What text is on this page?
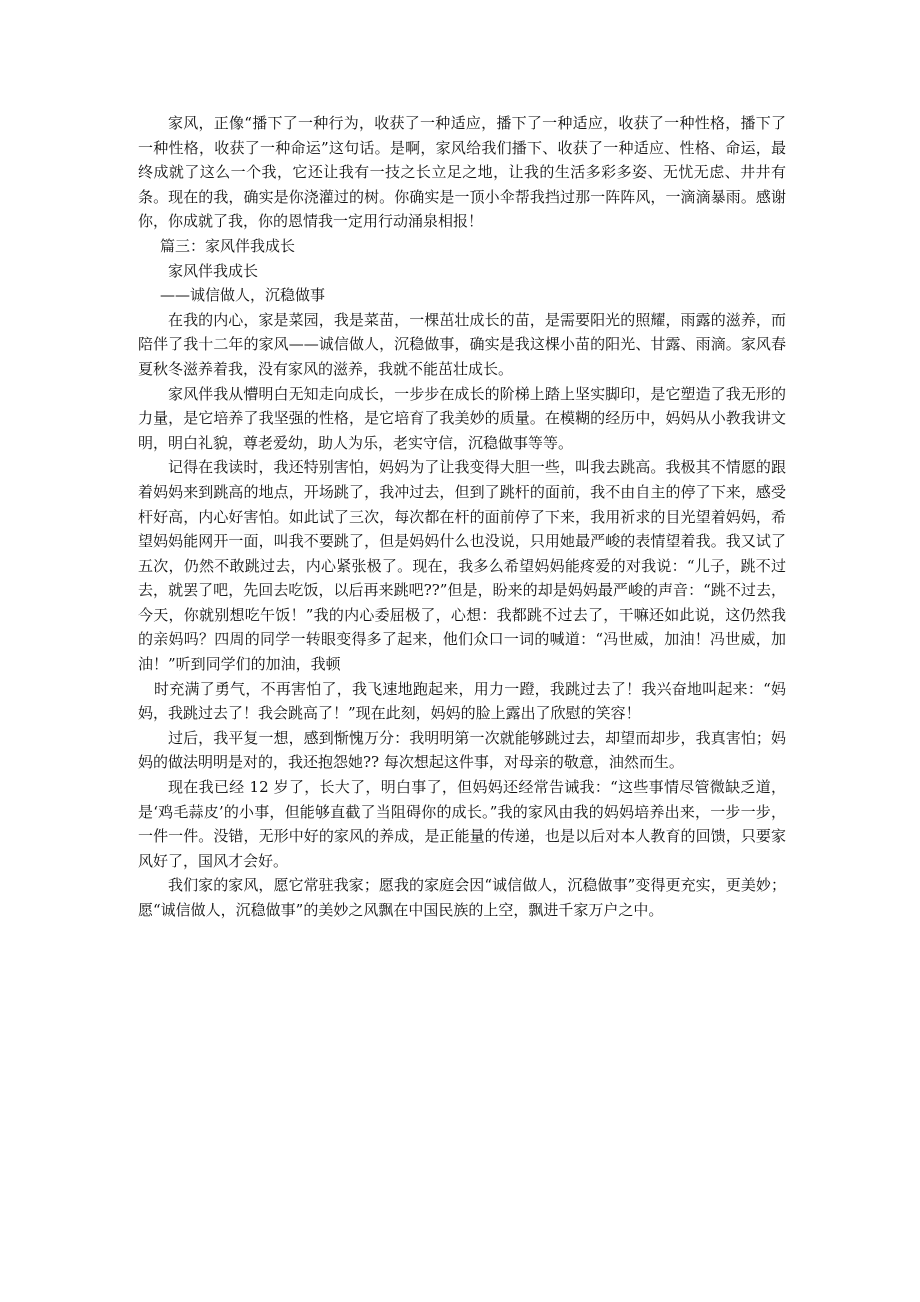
家风，正像“播下了一种行为，收获了一种适应，播下了一种适应，收获了一种性格，播下了一种性格，收获了一种命运”这句话。是啊，家风给我们播下、收获了一种适应、性格、命运，最终成就了这么一个我，它还让我有一技之长立足之地，让我的生活多彩多姿、无忧无虑、井井有条。现在的我，确实是你浇灌过的树。你确实是一顶小伞帮我挡过那一阵阵风，一滴滴暴雨。感谢你，你成就了我，你的恩情我一定用行动涌泉相报！

篇三：家风伴我成长

家风伴我成长

——诚信做人，沉稳做事

在我的内心，家是菜园，我是菜苗，一棵茁壮成长的苗，是需要阳光的照耀，雨露的滋养，而陪伴了我十二年的家风——诚信做人，沉稳做事，确实是我这棵小苗的阳光、甘露、雨滴。家风春夏秋冬滋养着我，没有家风的滋养，我就不能茁壮成长。

家风伴我从懵明白无知走向成长，一步步在成长的阶梯上踏上坚实脚印，是它塑造了我无形的力量，是它培养了我坚强的性格，是它培育了我美妙的质量。在模糊的经历中，妈妈从小教我讲文明，明白礼貌，尊老爱幼，助人为乐，老实守信，沉稳做事等等。

记得在我读时，我还特别害怕，妈妈为了让我变得大胆一些，叫我去跳高。我极其不情愿的跟着妈妈来到跳高的地点，开场跳了，我冲过去，但到了跳杆的面前，我不由自主的停了下来，感受杆好高，内心好害怕。如此试了三次，每次都在杆的面前停了下来，我用祈求的目光望着妈妈，希望妈妈能网开一面，叫我不要跳了，但是妈妈什么也没说，只用她最严峻的表情望着我。我又试了五次，仍然不敢跳过去，内心紧张极了。现在，我多么希望妈妈能疼爱的对我说：“儿子，跳不过去，就罢了吧，先回去吃饭，以后再来跳吧??”但是，盼来的却是妈妈最严峻的声音：“跳不过去，今天，你就别想吃午饭！”我的内心委屈极了，心想：我都跳不过去了，干嘛还如此说，这仍然我的亲妈吗？四周的同学一转眼变得多了起来，他们众口一词的喊道：“冯世威，加油！冯世威，加油！”听到同学们的加油，我顿

时充满了勇气，不再害怕了，我飞速地跑起来，用力一蹬，我跳过去了！我兴奋地叫起来：“妈妈，我跳过去了！我会跳高了！”现在此刻，妈妈的脸上露出了欣慰的笑容！

过后，我平复一想，感到惭愧万分：我明明第一次就能够跳过去，却望而却步，我真害怕；妈妈的做法明明是对的，我还抱怨她?? 每次想起这件事，对母亲的敬意，油然而生。

现在我已经 12 岁了，长大了，明白事了，但妈妈还经常告诫我：“这些事情尽管微缺乏道，是‘鸡毛蒜皮’的小事，但能够直截了当阻碍你的成长。”我的家风由我的妈妈培养出来，一步一步，一件一件。没错，无形中好的家风的养成，是正能量的传递，也是以后对本人教育的回馈，只要家风好了，国风才会好。

我们家的家风，愿它常驻我家；愿我的家庭会因“诚信做人，沉稳做事”变得更充实，更美妙；愿“诚信做人，沉稳做事”的美妙之风飘在中国民族的上空，飘进千家万户之中。
